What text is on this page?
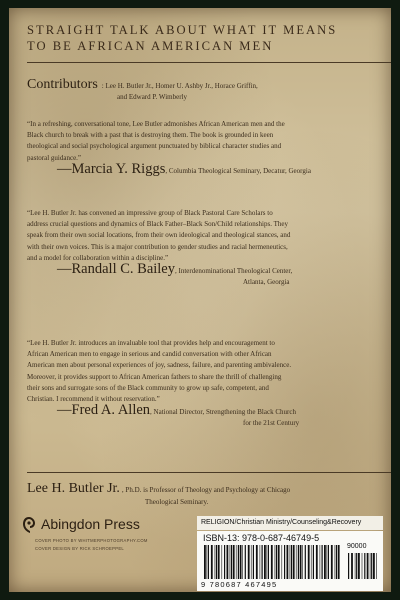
STRAIGHT TALK ABOUT WHAT IT MEANS
TO BE AFRICAN AMERICAN MEN
Contributors : Lee H. Butler Jr., Homer U. Ashby Jr., Horace Griffin,
and Edward P. Wimberly
“In a refreshing, conversational tone, Lee Butler admonishes African American men and the
Black church to break with a past that is destroying them. The book is grounded in keen
theological and social psychological argument punctuated by biblical character studies and
pastoral guidance.”
—Marcia Y. Riggs, Columbia Theological Seminary, Decatur, Georgia
“Lee H. Butler Jr. has convened an impressive group of Black Pastoral Care Scholars to
address crucial questions and dynamics of Black Father–Black Son/Child relationships. They
speak from their own social locations, from their own ideological and theological stances, and
with their own voices. This is a major contribution to gender studies and racial hermeneutics,
and a model for collaboration within a discipline.”
—Randall C. Bailey, Interdenominational Theological Center,
Atlanta, Georgia
“Lee H. Butler Jr. introduces an invaluable tool that provides help and encouragement to
African American men to engage in serious and candid conversation with other African
American men about personal experiences of joy, sadness, failure, and parenting ambivalence.
Moreover, it provides support to African American fathers to share the thrill of challenging
their sons and surrogate sons of the Black community to grow up safe, competent, and
Christian. I recommend it without reservation.”
—Fred A. Allen, National Director, Strengthening the Black Church
for the 21st Century
Lee H. Butler Jr. , Ph.D. is Professor of Theology and Psychology at Chicago
Theological Seminary.
Abingdon Press
COVER PHOTO BY WHITMERPHOTOGRAPHY.COM
COVER DESIGN BY RICK SCHROEPPEL
RELIGION/Christian Ministry/Counseling&Recovery
ISBN-13: 978-0-687-46749-5
90000
9 780687 467495
